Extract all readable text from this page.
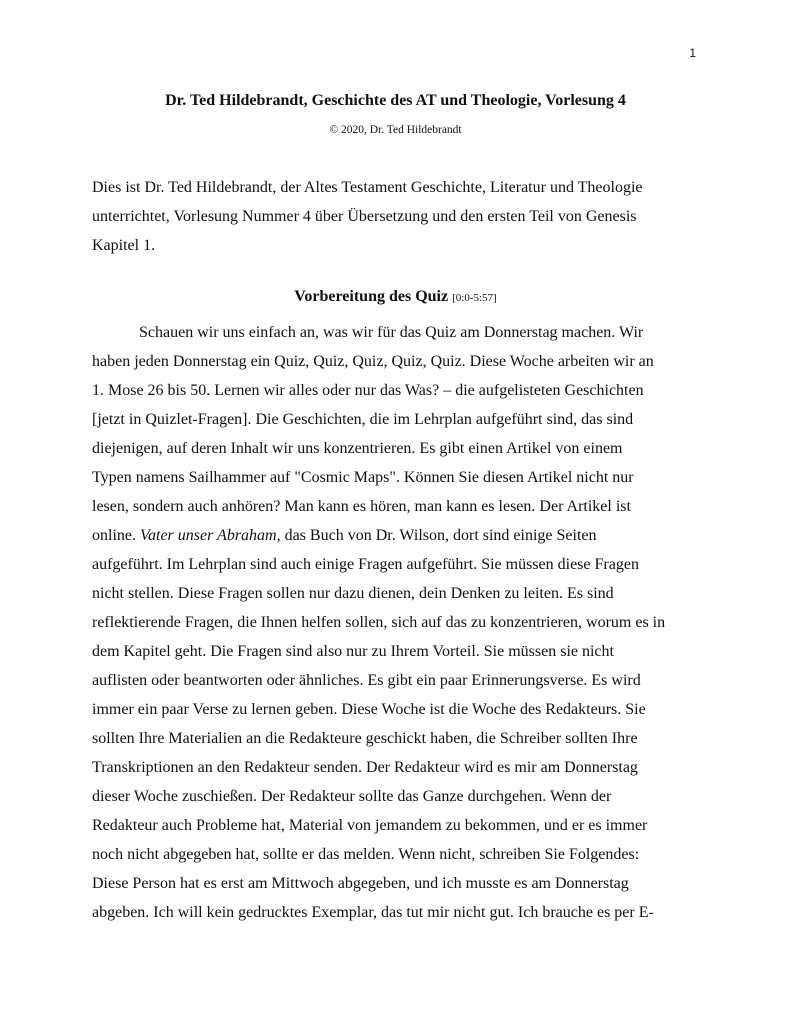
1
Dr. Ted Hildebrandt, Geschichte des AT und Theologie, Vorlesung 4
© 2020, Dr. Ted Hildebrandt
Dies ist Dr. Ted Hildebrandt, der Altes Testament Geschichte, Literatur und Theologie
unterrichtet, Vorlesung Nummer 4 über Übersetzung und den ersten Teil von Genesis
Kapitel 1.
Vorbereitung des Quiz [0:0-5:57]
Schauen wir uns einfach an, was wir für das Quiz am Donnerstag machen. Wir
haben jeden Donnerstag ein Quiz, Quiz, Quiz, Quiz, Quiz. Diese Woche arbeiten wir an
1. Mose 26 bis 50. Lernen wir alles oder nur das Was? – die aufgelisteten Geschichten
[jetzt in Quizlet-Fragen]. Die Geschichten, die im Lehrplan aufgeführt sind, das sind
diejenigen, auf deren Inhalt wir uns konzentrieren. Es gibt einen Artikel von einem
Typen namens Sailhammer auf "Cosmic Maps". Können Sie diesen Artikel nicht nur
lesen, sondern auch anhören? Man kann es hören, man kann es lesen. Der Artikel ist
online. Vater unser Abraham, das Buch von Dr. Wilson, dort sind einige Seiten
aufgeführt. Im Lehrplan sind auch einige Fragen aufgeführt. Sie müssen diese Fragen
nicht stellen. Diese Fragen sollen nur dazu dienen, dein Denken zu leiten. Es sind
reflektierende Fragen, die Ihnen helfen sollen, sich auf das zu konzentrieren, worum es in
dem Kapitel geht. Die Fragen sind also nur zu Ihrem Vorteil. Sie müssen sie nicht
auflisten oder beantworten oder ähnliches. Es gibt ein paar Erinnerungsverse. Es wird
immer ein paar Verse zu lernen geben. Diese Woche ist die Woche des Redakteurs. Sie
sollten Ihre Materialien an die Redakteure geschickt haben, die Schreiber sollten Ihre
Transkriptionen an den Redakteur senden. Der Redakteur wird es mir am Donnerstag
dieser Woche zuschießen. Der Redakteur sollte das Ganze durchgehen. Wenn der
Redakteur auch Probleme hat, Material von jemandem zu bekommen, und er es immer
noch nicht abgegeben hat, sollte er das melden. Wenn nicht, schreiben Sie Folgendes:
Diese Person hat es erst am Mittwoch abgegeben, und ich musste es am Donnerstag
abgeben. Ich will kein gedrucktes Exemplar, das tut mir nicht gut. Ich brauche es per E-
